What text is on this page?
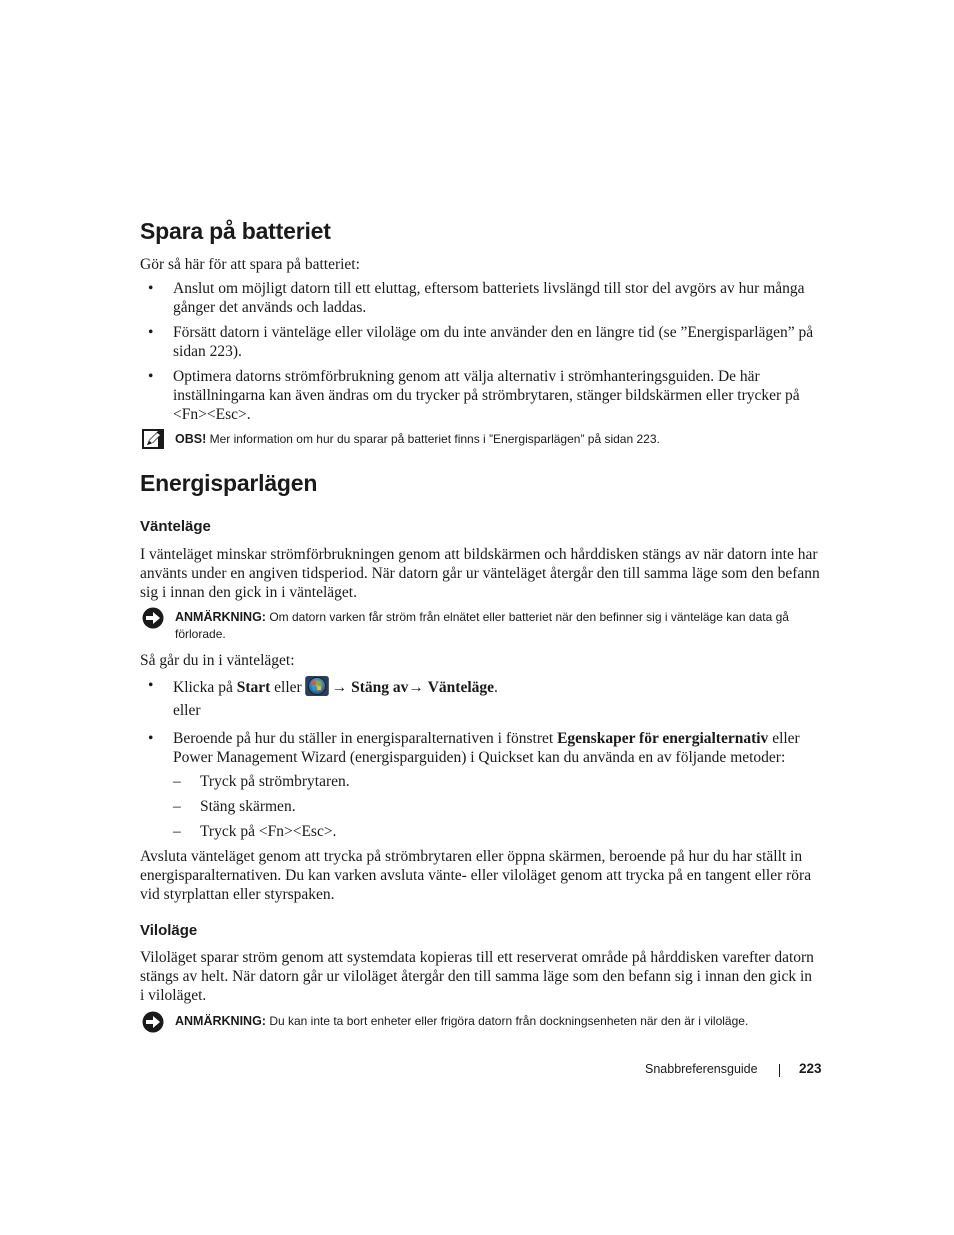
Spara på batteriet

Gör så här för att spara på batteriet:

• Anslut om möjligt datorn till ett eluttag, eftersom batteriets livslängd till stor del avgörs av hur många gånger det används och laddas.

• Försätt datorn i vänteläge eller viloläge om du inte använder den en längre tid (se ”Energisparlägen” på sidan 223).

• Optimera datorns strömförbrukning genom att välja alternativ i strömhanteringsguiden. De här inställningarna kan även ändras om du trycker på strömbrytaren, stänger bildskärmen eller trycker på <Fn><Esc>.

OBS! Mer information om hur du sparar på batteriet finns i ”Energisparlägen” på sidan 223.
Energisparlägen
Vänteläge

I vänteläget minskar strömförbrukningen genom att bildskärmen och hårddisken stängs av när datorn inte har använts under en angiven tidsperiod. När datorn går ur vänteläget återgår den till samma läge som den befann sig i innan den gick in i vänteläget.

ANMÄRKNING: Om datorn varken får ström från elnätet eller batteriet när den befinner sig i vänteläge kan data gå förlorade.

Så går du in i vänteläget:

• Klicka på Start eller → Stäng av→ Vänteläge.

eller

• Beroende på hur du ställer in energisparalternativen i fönstret Egenskaper för energialternativ eller Power Management Wizard (energisparguiden) i Quickset kan du använda en av följande metoder:

– Tryck på strömbrytaren.

– Stäng skärmen.

– Tryck på <Fn><Esc>.

Avsluta vänteläget genom att trycka på strömbrytaren eller öppna skärmen, beroende på hur du har ställt in energisparalternativen. Du kan varken avsluta vänte- eller viloläget genom att trycka på en tangent eller röra vid styrplattan eller styrspaken.

Viloläge

Viloläget sparar ström genom att systemdata kopieras till ett reserverat område på hårddisken varefter datorn stängs av helt. När datorn går ur viloläget återgår den till samma läge som den befann sig i innan den gick in i viloläget.

ANMÄRKNING: Du kan inte ta bort enheter eller frigöra datorn från dockningsenheten när den är i viloläge.
Snabbreferensguide	223
